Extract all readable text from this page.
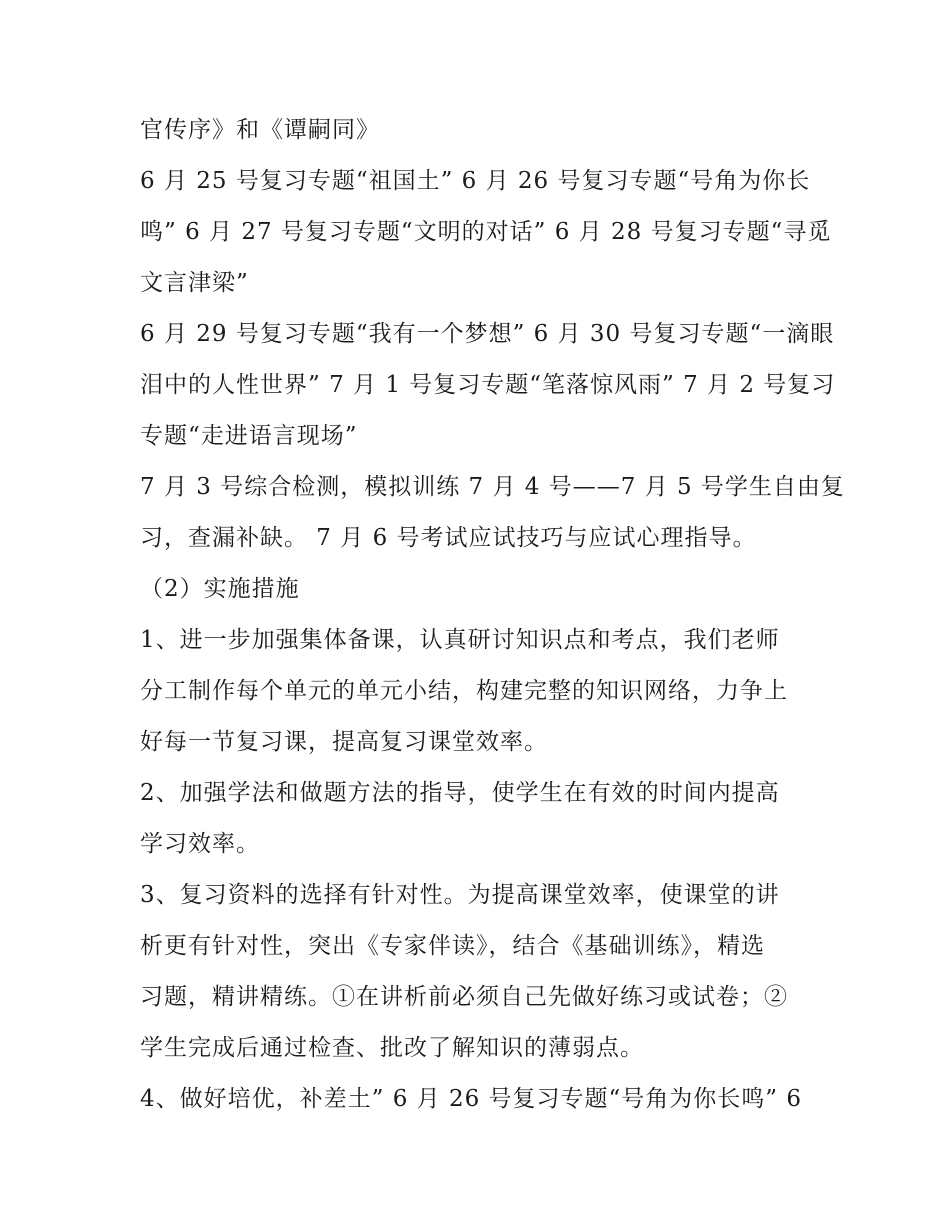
官传序》和《谭嗣同》
6 月 25 号复习专题“祖国土” 6 月 26 号复习专题“号角为你长
鸣” 6 月 27 号复习专题“文明的对话” 6 月 28 号复习专题“寻觅
文言津梁”
6 月 29 号复习专题“我有一个梦想” 6 月 30 号复习专题“一滴眼
泪中的人性世界” 7 月 1 号复习专题“笔落惊风雨” 7 月 2 号复习
专题“走进语言现场”
7 月 3 号综合检测，模拟训练 7 月 4 号——7 月 5 号学生自由复
习，查漏补缺。 7 月 6 号考试应试技巧与应试心理指导。
（2）实施措施
1、进一步加强集体备课，认真研讨知识点和考点，我们老师
分工制作每个单元的单元小结，构建完整的知识网络，力争上
好每一节复习课，提高复习课堂效率。
2、加强学法和做题方法的指导，使学生在有效的时间内提高
学习效率。
3、复习资料的选择有针对性。为提高课堂效率，使课堂的讲
析更有针对性，突出《专家伴读》，结合《基础训练》，精选
习题，精讲精练。①在讲析前必须自己先做好练习或试卷；②
学生完成后通过检查、批改了解知识的薄弱点。
4、做好培优，补差土” 6 月 26 号复习专题“号角为你长鸣” 6
